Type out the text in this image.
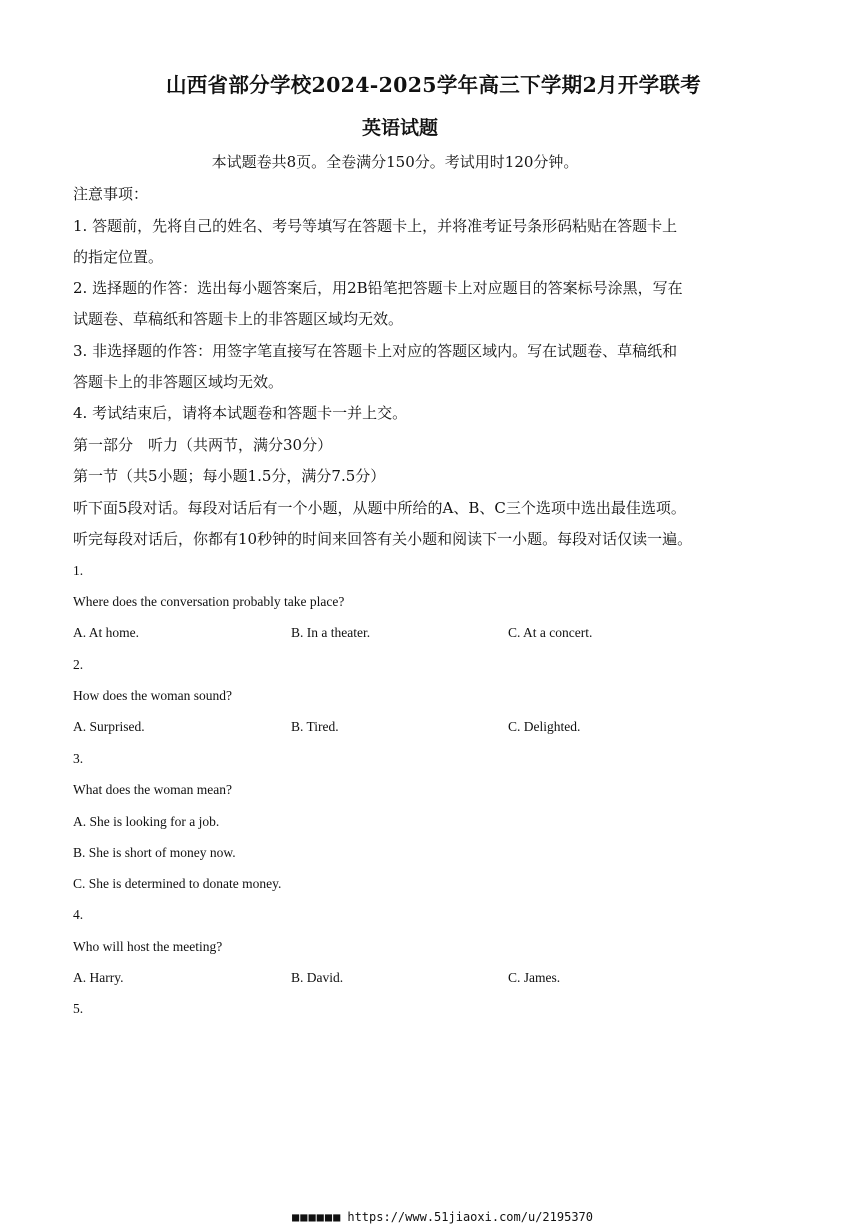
山西省部分学校2024-2025学年高三下学期2月开学联考
英语试题
本试题卷共8页。全卷满分150分。考试用时120分钟。
注意事项：
1. 答题前，先将自己的姓名、考号等填写在答题卡上，并将准考证号条形码粘贴在答题卡上
的指定位置。
2. 选择题的作答：选出每小题答案后，用2B铅笔把答题卡上对应题目的答案标号涂黑，写在
试题卷、草稿纸和答题卡上的非答题区域均无效。
3. 非选择题的作答：用签字笔直接写在答题卡上对应的答题区域内。写在试题卷、草稿纸和
答题卡上的非答题区域均无效。
4. 考试结束后，请将本试题卷和答题卡一并上交。
第一部分　听力（共两节，满分30分）
第一节（共5小题；每小题1.5分，满分7.5分）
听下面5段对话。每段对话后有一个小题，从题中所给的A、B、C三个选项中选出最佳选项。
听完每段对话后，你都有10秒钟的时间来回答有关小题和阅读下一小题。每段对话仅读一遍。
1.
Where does the conversation probably take place?
A. At home.	B. In a theater.	C. At a concert.
2.
How does the woman sound?
A. Surprised.	B. Tired.	C. Delighted.
3.
What does the woman mean?
A. She is looking for a job.
B. She is short of money now.
C. She is determined to donate money.
4.
Who will host the meeting?
A. Harry.	B. David.	C. James.
5.
■■■■■■ https://www.51jiaoxi.com/u/2195370
